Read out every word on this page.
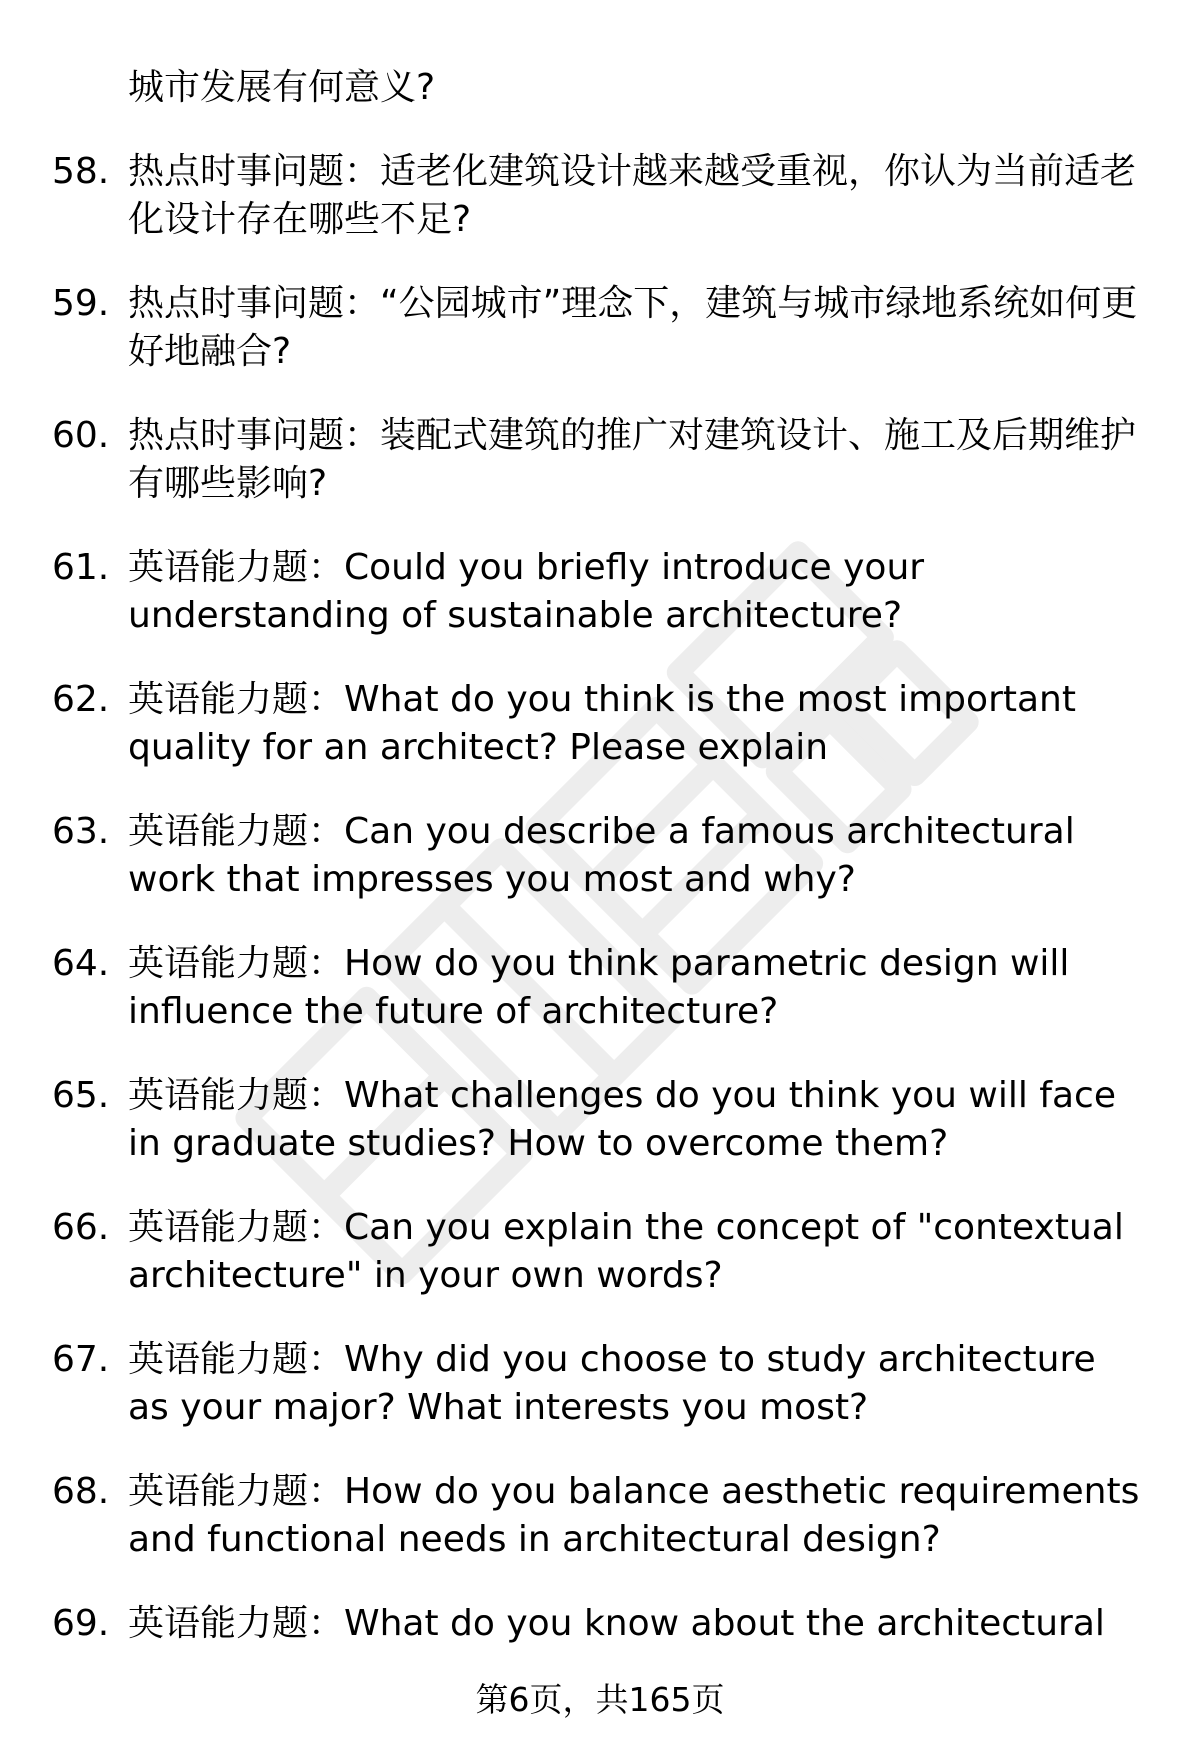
城市发展有何意义?
58. 热点时事问题：适老化建筑设计越来越受重视，你认为当前适老化设计存在哪些不足?
59. 热点时事问题：“公园城市”理念下，建筑与城市绿地系统如何更好地融合?
60. 热点时事问题：装配式建筑的推广对建筑设计、施工及后期维护有哪些影响?
61. 英语能力题：Could you briefly introduce your understanding of sustainable architecture?
62. 英语能力题：What do you think is the most important quality for an architect? Please explain
63. 英语能力题：Can you describe a famous architectural work that impresses you most and why?
64. 英语能力题：How do you think parametric design will influence the future of architecture?
65. 英语能力题：What challenges do you think you will face in graduate studies? How to overcome them?
66. 英语能力题：Can you explain the concept of "contextual architecture" in your own words?
67. 英语能力题：Why did you choose to study architecture as your major? What interests you most?
68. 英语能力题：How do you balance aesthetic requirements and functional needs in architectural design?
69. 英语能力题：What do you know about the architectural
第6页，共165页
